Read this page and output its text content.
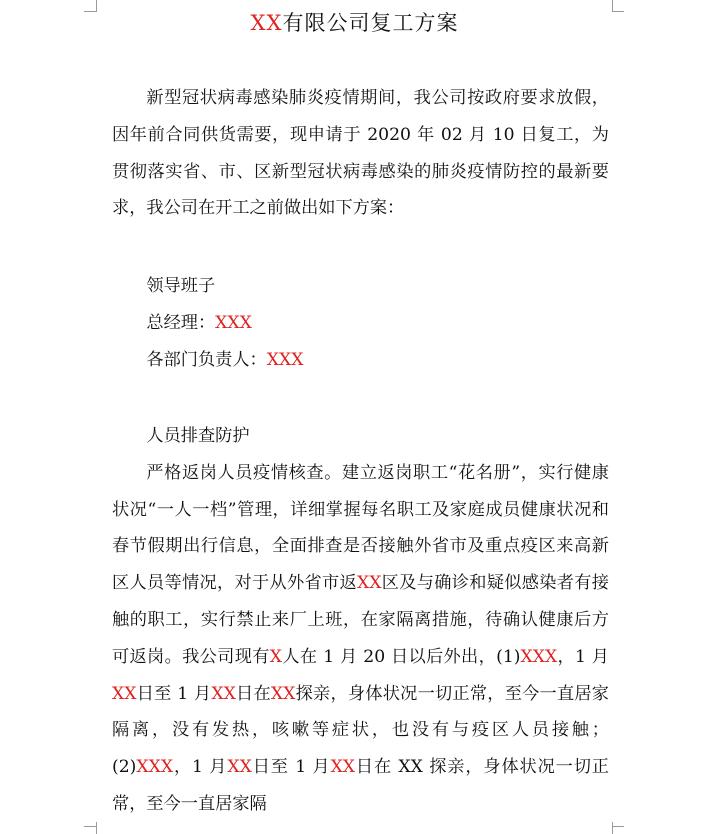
XX有限公司复工方案

新型冠状病毒感染肺炎疫情期间，我公司按政府要求放假，因年前合同供货需要，现申请于 2020 年 02 月 10 日复工，为贯彻落实省、市、区新型冠状病毒感染的肺炎疫情防控的最新要求，我公司在开工之前做出如下方案：

领导班子

总经理：XXX

各部门负责人：XXX

人员排查防护

严格返岗人员疫情核查。建立返岗职工“花名册”，实行健康状况“一人一档”管理，详细掌握每名职工及家庭成员健康状况和春节假期出行信息，全面排查是否接触外省市及重点疫区来高新区人员等情况，对于从外省市返XX区及与确诊和疑似感染者有接触的职工，实行禁止来厂上班，在家隔离措施，待确认健康后方可返岗。我公司现有X人在 1 月 20 日以后外出，(1)XXX，1 月XX日至 1 月XX日在XX探亲，身体状况一切正常，至今一直居家隔离，没有发热，咳嗽等症状，也没有与疫区人员接触；(2)XXX，1 月XX日至 1 月XX日在 XX 探亲，身体状况一切正常，至今一直居家隔
